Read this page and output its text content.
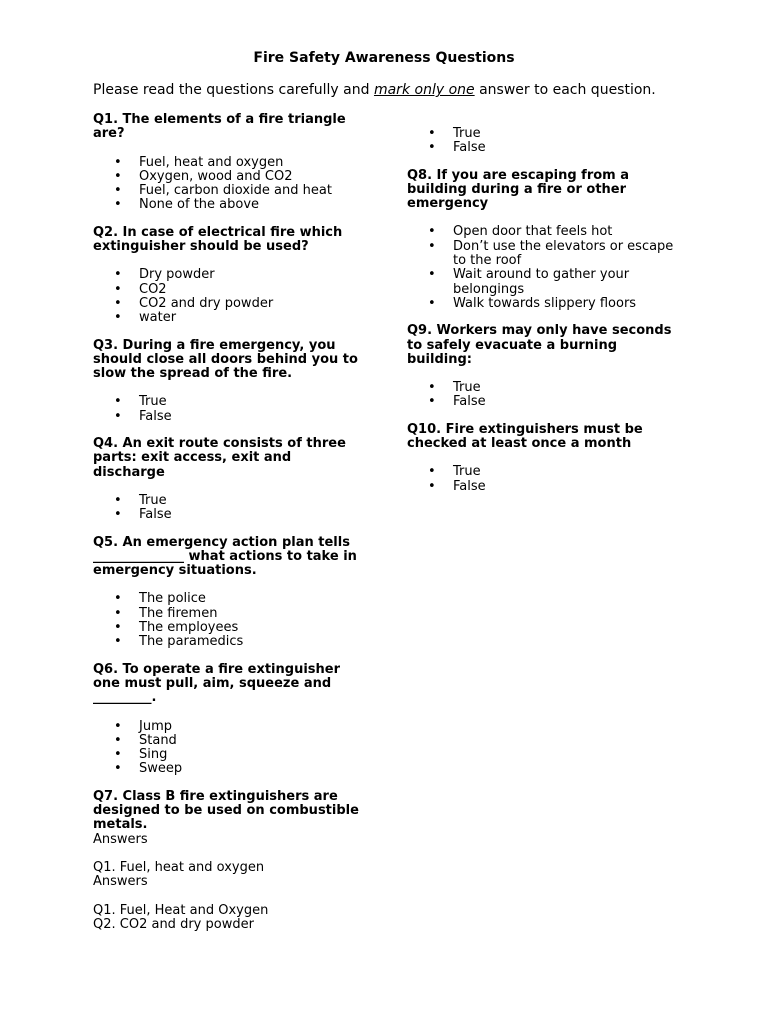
Fire Safety Awareness Questions
Please read the questions carefully and mark only one answer to each question.

Q1. The elements of a fire triangle are?

• Fuel, heat and oxygen
• Oxygen, wood and CO2
• Fuel, carbon dioxide and heat
• None of the above

Q2. In case of electrical fire which extinguisher should be used?

• Dry powder
• CO2
• CO2 and dry powder
• water

Q3. During a fire emergency, you should close all doors behind you to slow the spread of the fire.

• True
• False

Q4. An exit route consists of three parts: exit access, exit and discharge

• True
• False

Q5. An emergency action plan tells ______________ what actions to take in emergency situations.

• The police
• The firemen
• The employees
• The paramedics

Q6. To operate a fire extinguisher one must pull, aim, squeeze and _________.

• Jump
• Stand
• Sing
• Sweep

Q7. Class B fire extinguishers are designed to be used on combustible metals.

Answers

Q1. Fuel, heat and oxygen

Answers

Q1. Fuel, Heat and Oxygen

Q2. CO2 and dry powder

• True
• False

Q8. If you are escaping from a building during a fire or other emergency

• Open door that feels hot
• Don’t use the elevators or escape to the roof
• Wait around to gather your belongings
• Walk towards slippery floors

Q9. Workers may only have seconds to safely evacuate a burning building:

• True
• False

Q10. Fire extinguishers must be checked at least once a month

• True
• False
